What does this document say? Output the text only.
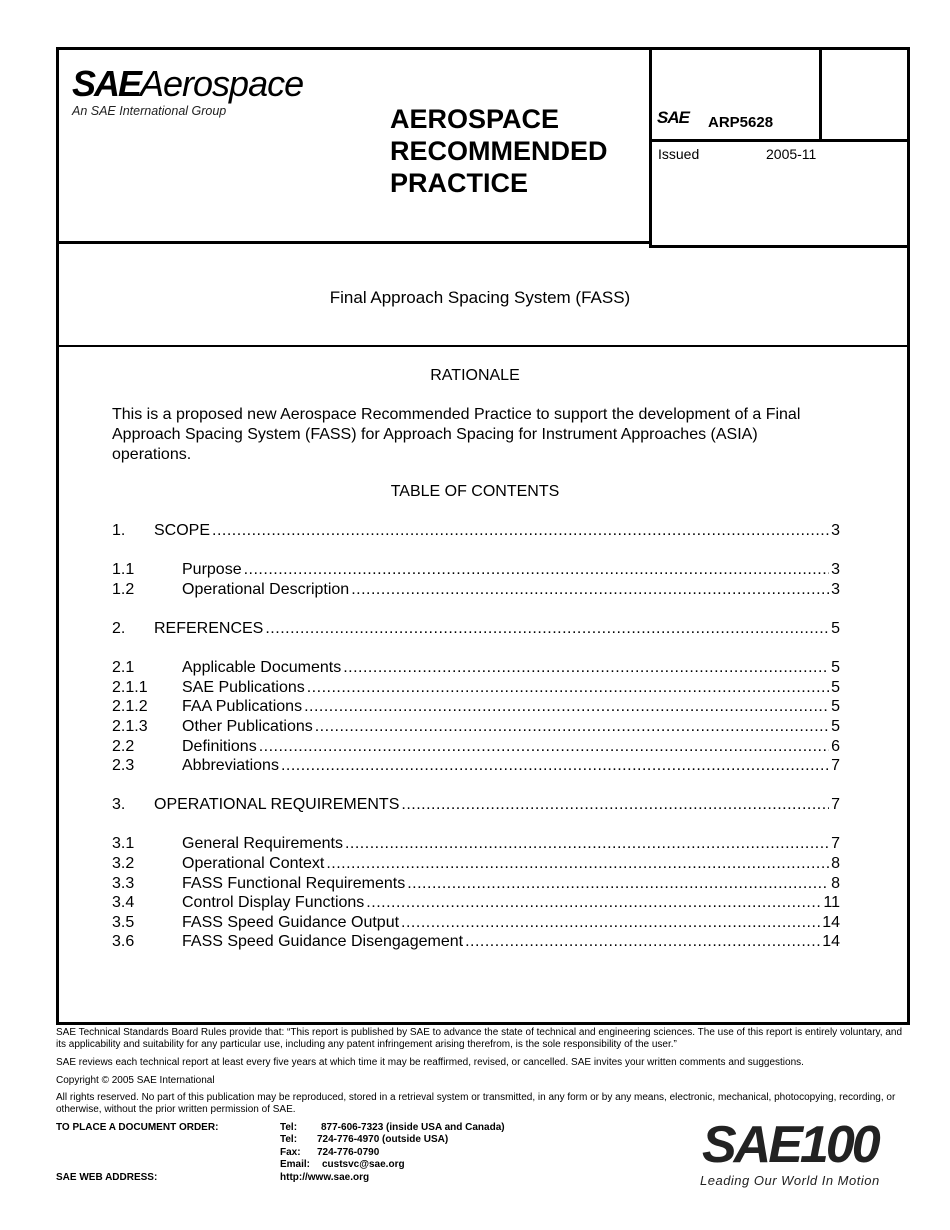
SAE Aerospace
An SAE International Group	AEROSPACE
RECOMMENDED
PRACTICE
SAE ARP5628
Issued	2005-11
Final Approach Spacing System (FASS)
RATIONALE
This is a proposed new Aerospace Recommended Practice to support the development of a Final Approach Spacing System (FASS) for Approach Spacing for Instrument Approaches (ASIA) operations.
TABLE OF CONTENTS
1.	SCOPE .....	3
1.1	Purpose .....	3
1.2	Operational Description .....	3
2.	REFERENCES .....	5
2.1	Applicable Documents .....	5
2.1.1	SAE Publications .....	5
2.1.2	FAA Publications .....	5
2.1.3	Other Publications .....	5
2.2	Definitions .....	6
2.3	Abbreviations .....	7
3.	OPERATIONAL REQUIREMENTS .....	7
3.1	General Requirements .....	7
3.2	Operational Context .....	8
3.3	FASS Functional Requirements .....	8
3.4	Control Display Functions .....	11
3.5	FASS Speed Guidance Output .....	14
3.6	FASS Speed Guidance Disengagement .....	14
SAE Technical Standards Board Rules provide that: “This report is published by SAE to advance the state of technical and engineering sciences. The use of this report is entirely voluntary, and its applicability and suitability for any particular use, including any patent infringement arising therefrom, is the sole responsibility of the user.”
SAE reviews each technical report at least every five years at which time it may be reaffirmed, revised, or cancelled. SAE invites your written comments and suggestions.
Copyright © 2005 SAE International
All rights reserved. No part of this publication may be reproduced, stored in a retrieval system or transmitted, in any form or by any means, electronic, mechanical, photocopying, recording, or otherwise, without the prior written permission of SAE.
TO PLACE A DOCUMENT ORDER:
SAE WEB ADDRESS:
Tel: 877-606-7323 (inside USA and Canada)
Tel: 724-776-4970 (outside USA)
Fax: 724-776-0790
Email: custsvc@sae.org
http://www.sae.org
SAE100
Leading Our World In Motion
